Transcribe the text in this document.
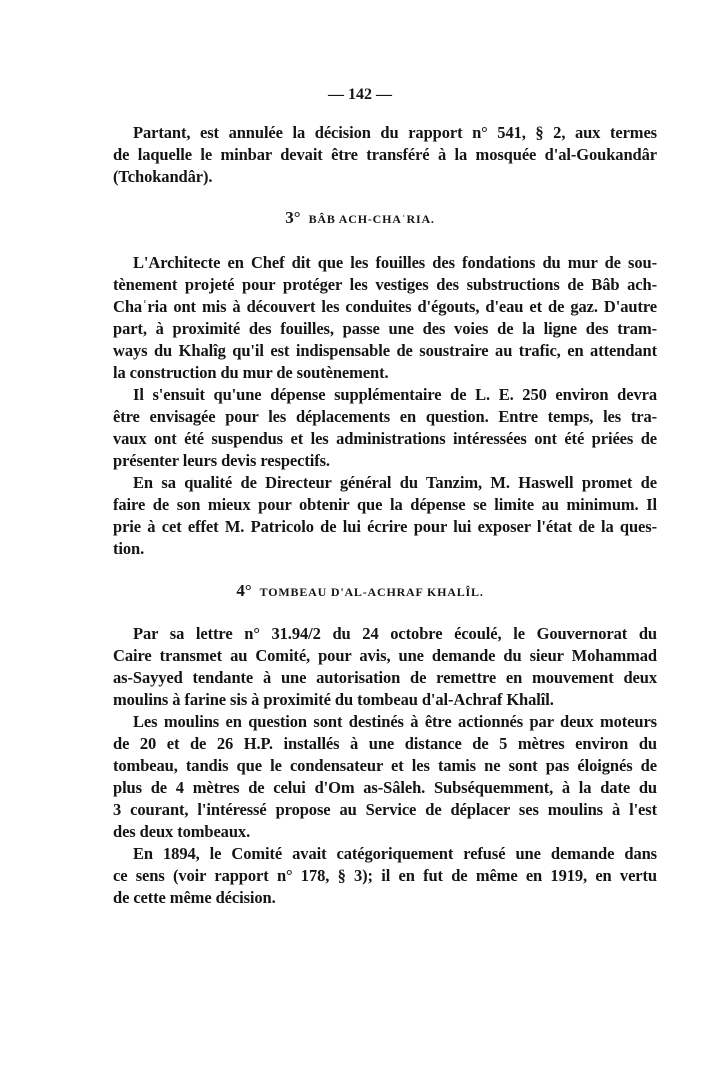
— 142 —
Partant, est annulée la décision du rapport n° 541, § 2, aux termes
de laquelle le minbar devait être transféré à la mosquée d'al-Goukandâr
(Tchokandâr).
3° BÂB ACH-CHAʿRIA.
L'Architecte en Chef dit que les fouilles des fondations du mur de sou-
tènement projeté pour protéger les vestiges des substructions de Bâb ach-
Chaʿria ont mis à découvert les conduites d'égouts, d'eau et de gaz. D'autre
part, à proximité des fouilles, passe une des voies de la ligne des tram-
ways du Khalîg qu'il est indispensable de soustraire au trafic, en attendant
la construction du mur de soutènement.
Il s'ensuit qu'une dépense supplémentaire de L. E. 250 environ devra
être envisagée pour les déplacements en question. Entre temps, les tra-
vaux ont été suspendus et les administrations intéressées ont été priées de
présenter leurs devis respectifs.
En sa qualité de Directeur général du Tanzim, M. Haswell promet de
faire de son mieux pour obtenir que la dépense se limite au minimum. Il
prie à cet effet M. Patricolo de lui écrire pour lui exposer l'état de la ques-
tion.
4° TOMBEAU D'AL-ACHRAF KHALÎL.
Par sa lettre n° 31.94/2 du 24 octobre écoulé, le Gouvernorat du
Caire transmet au Comité, pour avis, une demande du sieur Mohammad
as-Sayyed tendante à une autorisation de remettre en mouvement deux
moulins à farine sis à proximité du tombeau d'al-Achraf Khalîl.
Les moulins en question sont destinés à être actionnés par deux moteurs
de 20 et de 26 H.P. installés à une distance de 5 mètres environ du
tombeau, tandis que le condensateur et les tamis ne sont pas éloignés de
plus de 4 mètres de celui d'Om as-Sâleh. Subséquemment, à la date du
3 courant, l'intéressé propose au Service de déplacer ses moulins à l'est
des deux tombeaux.
En 1894, le Comité avait catégoriquement refusé une demande dans
ce sens (voir rapport n° 178, § 3); il en fut de même en 1919, en vertu
de cette même décision.
